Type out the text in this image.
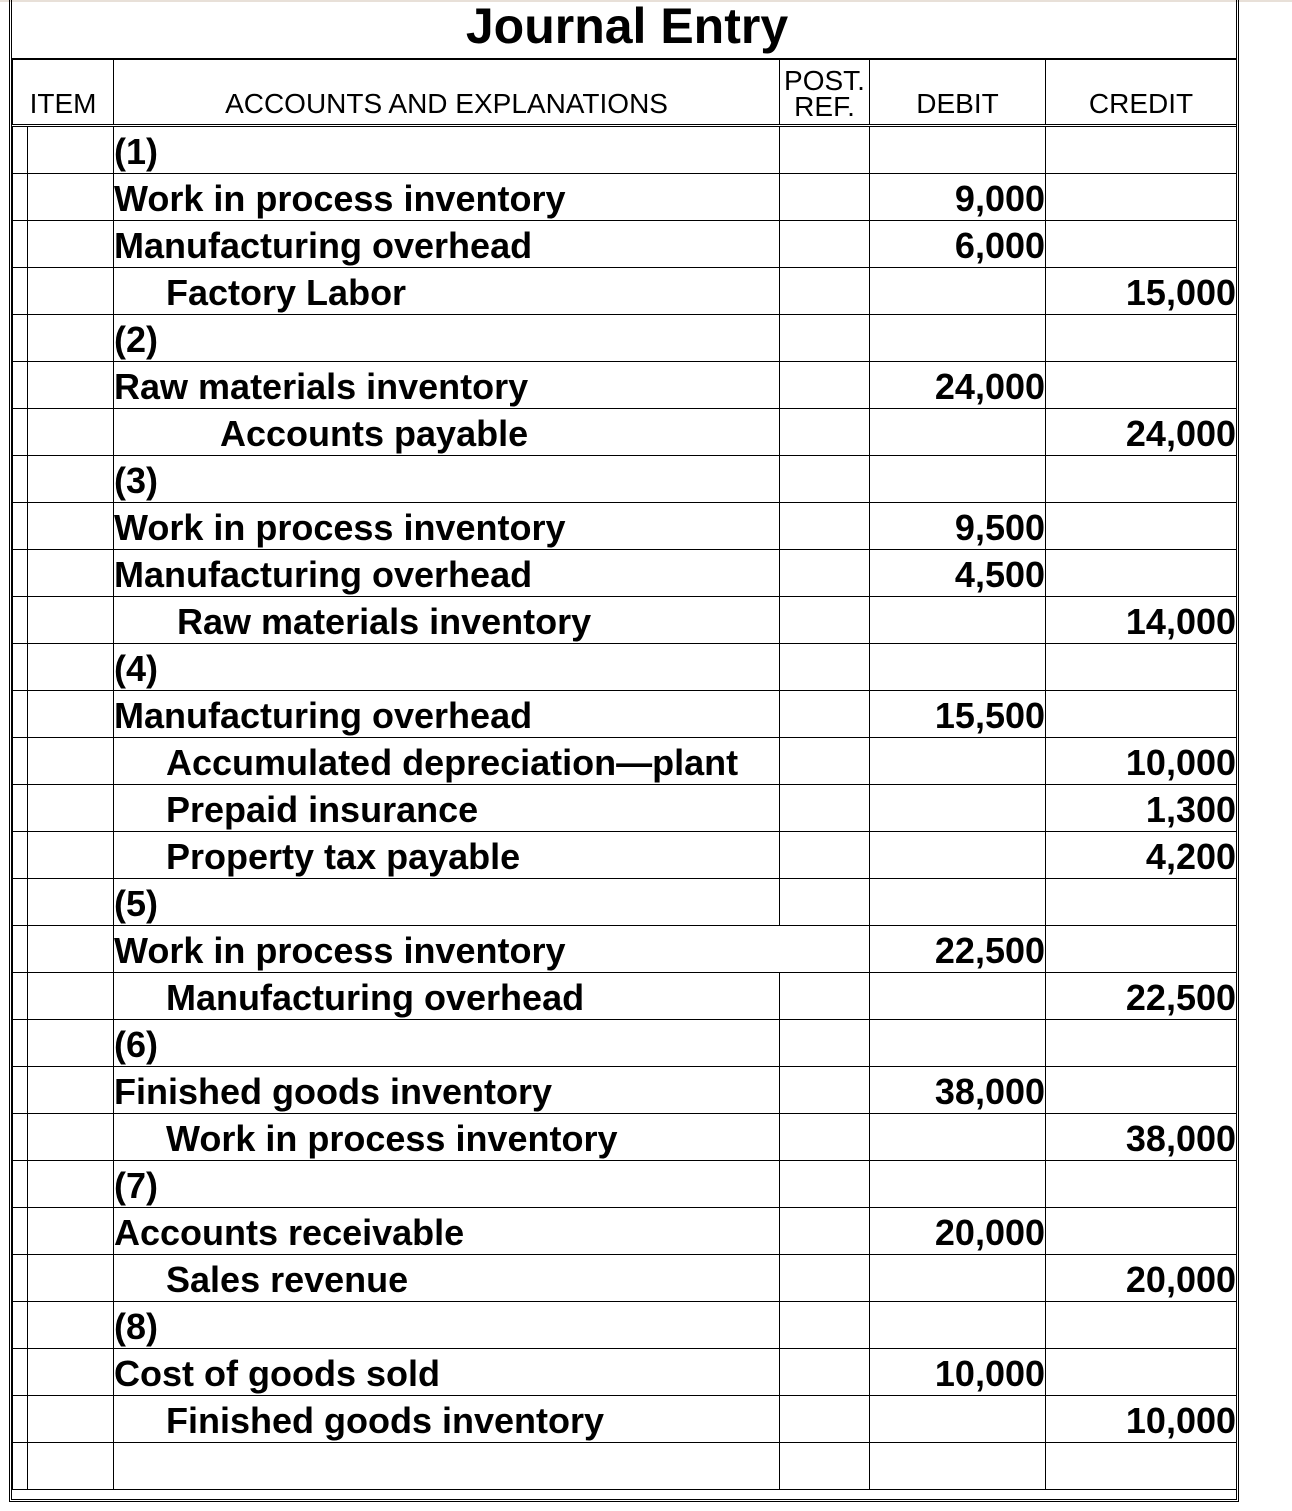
Journal Entry
ITEM		ACCOUNTS AND EXPLANATIONS	POST.
REF.	DEBIT	CREDIT
		(1)			
		Work in process inventory		9,000	
		Manufacturing overhead		6,000	
		Factory Labor			15,000
		(2)			
		Raw materials inventory		24,000	
		Accounts payable			24,000
		(3)			
		Work in process inventory		9,500	
		Manufacturing overhead		4,500	
		Raw materials inventory			14,000
		(4)			
		Manufacturing overhead		15,500	
		Accumulated depreciation—plant			10,000
		Prepaid insurance			1,300
		Property tax payable			4,200
		(5)			
		Work in process inventory		22,500	
		Manufacturing overhead			22,500
		(6)			
		Finished goods inventory		38,000	
		Work in process inventory			38,000
		(7)			
		Accounts receivable		20,000	
		Sales revenue			20,000
		(8)			
		Cost of goods sold		10,000	
		Finished goods inventory			10,000
